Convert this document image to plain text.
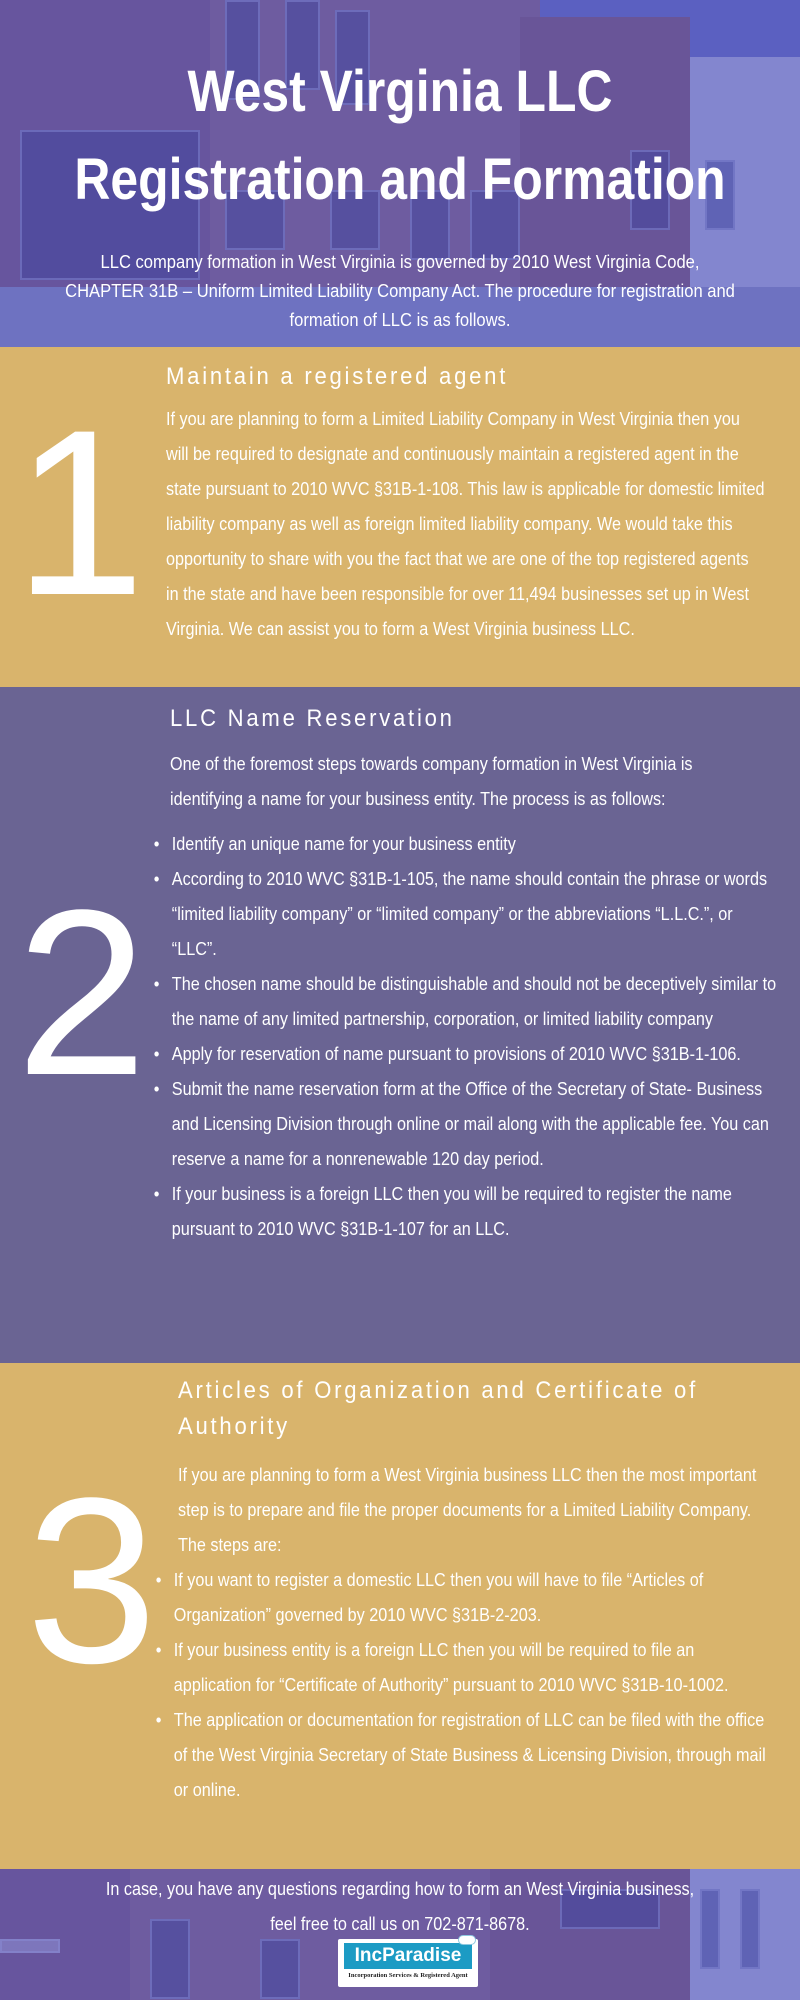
West Virginia LLC
Registration and Formation

LLC company formation in West Virginia is governed by 2010 West Virginia Code, CHAPTER 31B – Uniform Limited Liability Company Act. The procedure for registration and formation of LLC is as follows.

1
Maintain a registered agent

If you are planning to form a Limited Liability Company in West Virginia then you will be required to designate and continuously maintain a registered agent in the state pursuant to 2010 WVC §31B-1-108. This law is applicable for domestic limited liability company as well as foreign limited liability company. We would take this opportunity to share with you the fact that we are one of the top registered agents in the state and have been responsible for over 11,494 businesses set up in West Virginia. We can assist you to form a West Virginia business LLC.

2
LLC Name Reservation

One of the foremost steps towards company formation in West Virginia is identifying a name for your business entity. The process is as follows:

• Identify an unique name for your business entity
• According to 2010 WVC §31B-1-105, the name should contain the phrase or words “limited liability company” or “limited company” or the abbreviations “L.L.C.”, or “LLC”.
• The chosen name should be distinguishable and should not be deceptively similar to the name of any limited partnership, corporation, or limited liability company
• Apply for reservation of name pursuant to provisions of 2010 WVC §31B-1-106.
• Submit the name reservation form at the Office of the Secretary of State- Business and Licensing Division through online or mail along with the applicable fee. You can reserve a name for a nonrenewable 120 day period.
• If your business is a foreign LLC then you will be required to register the name pursuant to 2010 WVC §31B-1-107 for an LLC.
3
Articles of Organization and Certificate of Authority

If you are planning to form a West Virginia business LLC then the most important step is to prepare and file the proper documents for a Limited Liability Company. The steps are:

• If you want to register a domestic LLC then you will have to file “Articles of Organization” governed by 2010 WVC §31B-2-203.
• If your business entity is a foreign LLC then you will be required to file an application for “Certificate of Authority” pursuant to 2010 WVC §31B-10-1002.
• The application or documentation for registration of LLC can be filed with the office of the West Virginia Secretary of State Business & Licensing Division, through mail or online.

In case, you have any questions regarding how to form an West Virginia business, feel free to call us on 702-871-8678.

IncParadise
Incorporation Services & Registered Agent
